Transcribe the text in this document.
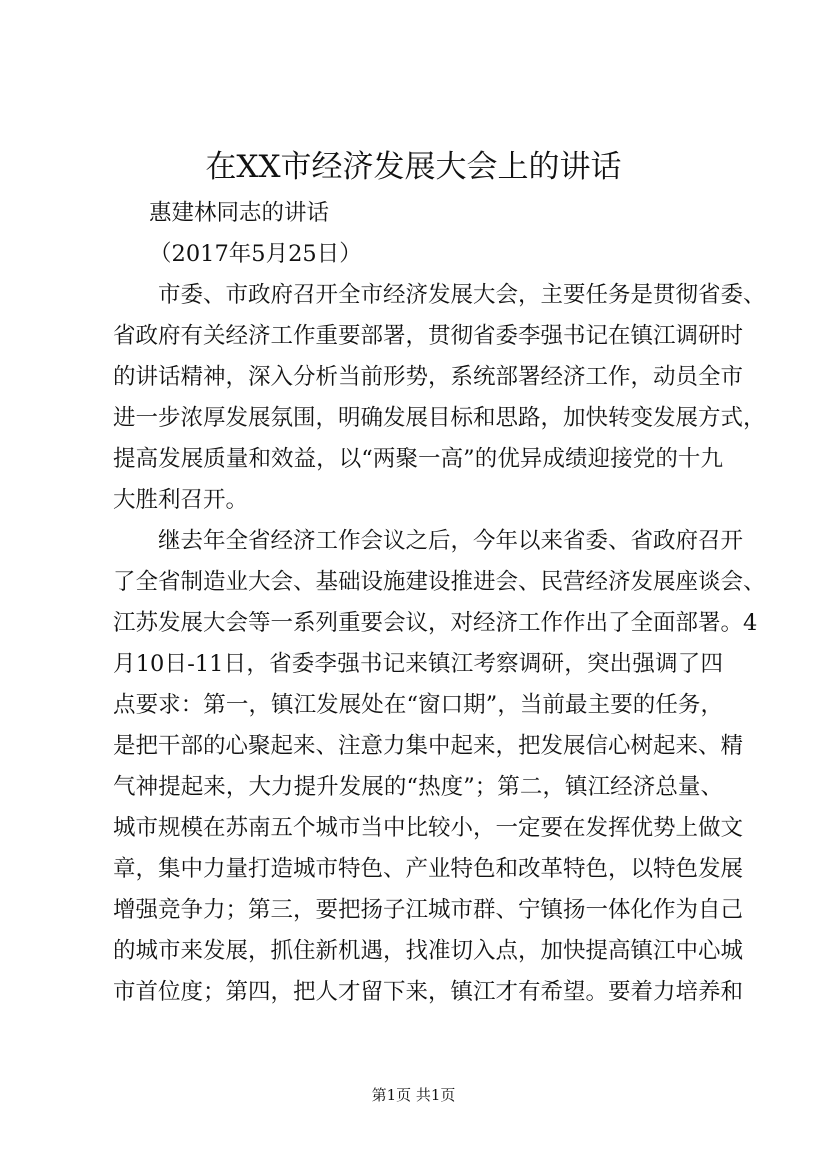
在XX市经济发展大会上的讲话
惠建林同志的讲话
（2017年5月25日）
市委、市政府召开全市经济发展大会，主要任务是贯彻省委、
省政府有关经济工作重要部署，贯彻省委李强书记在镇江调研时
的讲话精神，深入分析当前形势，系统部署经济工作，动员全市
进一步浓厚发展氛围，明确发展目标和思路，加快转变发展方式，
提高发展质量和效益，以“两聚一高”的优异成绩迎接党的十九
大胜利召开。
继去年全省经济工作会议之后，今年以来省委、省政府召开
了全省制造业大会、基础设施建设推进会、民营经济发展座谈会、
江苏发展大会等一系列重要会议，对经济工作作出了全面部署。4
月10日-11日，省委李强书记来镇江考察调研，突出强调了四
点要求：第一，镇江发展处在“窗口期”，当前最主要的任务，
是把干部的心聚起来、注意力集中起来，把发展信心树起来、精
气神提起来，大力提升发展的“热度”；第二，镇江经济总量、
城市规模在苏南五个城市当中比较小，一定要在发挥优势上做文
章，集中力量打造城市特色、产业特色和改革特色，以特色发展
增强竞争力；第三，要把扬子江城市群、宁镇扬一体化作为自己
的城市来发展，抓住新机遇，找准切入点，加快提高镇江中心城
市首位度；第四，把人才留下来，镇江才有希望。要着力培养和
第1页 共1页
